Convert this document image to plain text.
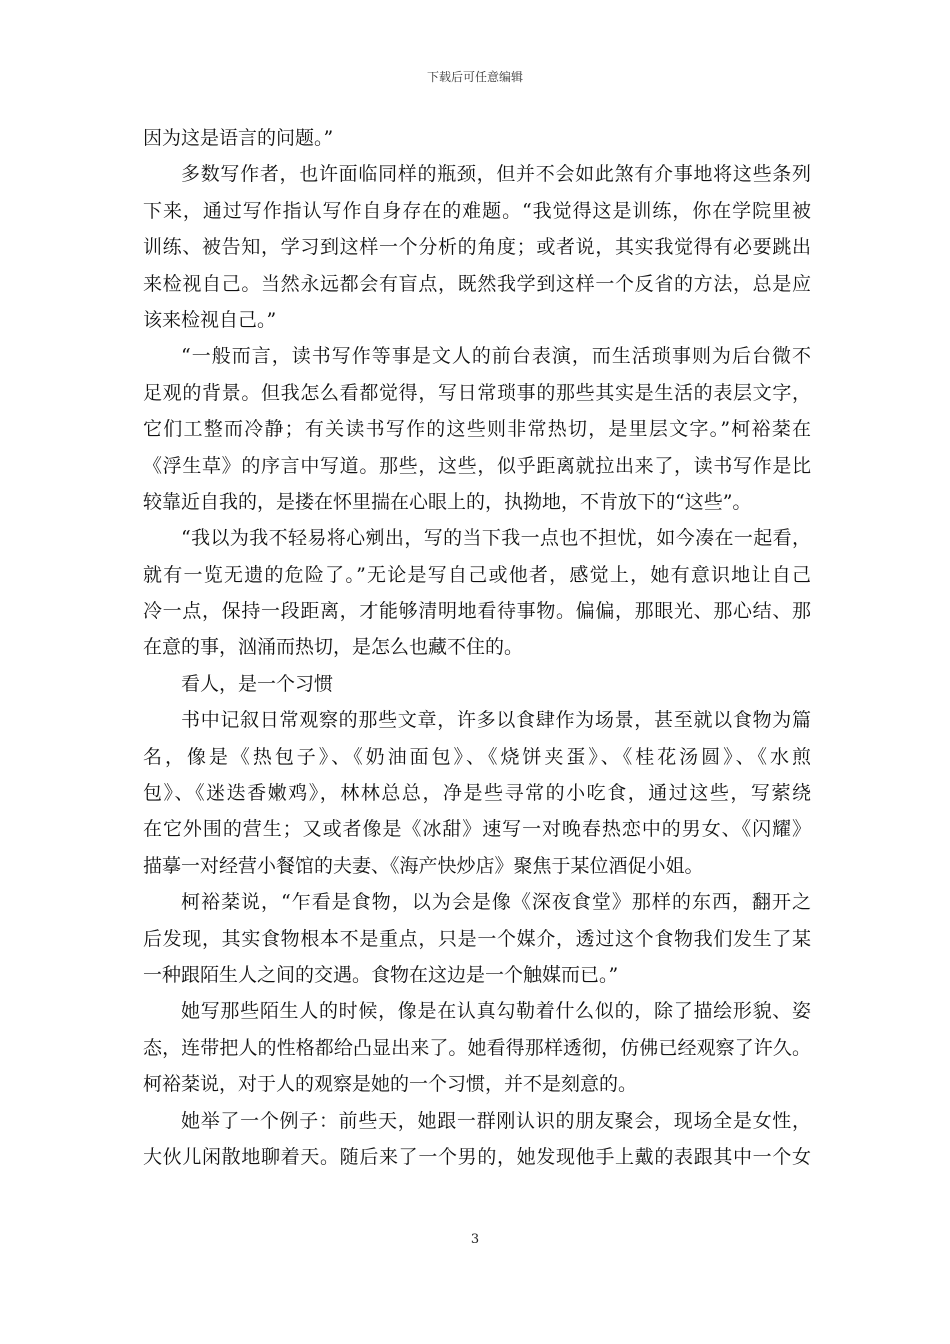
下载后可任意编辑
因为这是语言的问题。”
多数写作者，也许面临同样的瓶颈，但并不会如此煞有介事地将这些条列
下来，通过写作指认写作自身存在的难题。“我觉得这是训练，你在学院里被
训练、被告知，学习到这样一个分析的角度；或者说，其实我觉得有必要跳出
来检视自己。当然永远都会有盲点，既然我学到这样一个反省的方法，总是应
该来检视自己。”
“一般而言，读书写作等事是文人的前台表演，而生活琐事则为后台微不
足观的背景。但我怎么看都觉得，写日常琐事的那些其实是生活的表层文字，
它们工整而冷静；有关读书写作的这些则非常热切，是里层文字。”柯裕棻在
《浮生草》的序言中写道。那些，这些，似乎距离就拉出来了，读书写作是比
较靠近自我的，是搂在怀里揣在心眼上的，执拗地，不肯放下的“这些”。
“我以为我不轻易将心剜出，写的当下我一点也不担忧，如今凑在一起看，
就有一览无遗的危险了。”无论是写自己或他者，感觉上，她有意识地让自己
冷一点，保持一段距离，才能够清明地看待事物。偏偏，那眼光、那心结、那
在意的事，汹涌而热切，是怎么也藏不住的。
看人，是一个习惯
书中记叙日常观察的那些文章，许多以食肆作为场景，甚至就以食物为篇
名，像是《热包子》、《奶油面包》、《烧饼夹蛋》、《桂花汤圆》、《水煎
包》、《迷迭香嫩鸡》，林林总总，净是些寻常的小吃食，通过这些，写萦绕
在它外围的营生；又或者像是《冰甜》速写一对晚春热恋中的男女、《闪耀》
描摹一对经营小餐馆的夫妻、《海产快炒店》聚焦于某位酒促小姐。
柯裕棻说，“乍看是食物，以为会是像《深夜食堂》那样的东西，翻开之
后发现，其实食物根本不是重点，只是一个媒介，透过这个食物我们发生了某
一种跟陌生人之间的交遇。食物在这边是一个触媒而已。”
她写那些陌生人的时候，像是在认真勾勒着什么似的，除了描绘形貌、姿
态，连带把人的性格都给凸显出来了。她看得那样透彻，仿佛已经观察了许久。
柯裕棻说，对于人的观察是她的一个习惯，并不是刻意的。
她举了一个例子：前些天，她跟一群刚认识的朋友聚会，现场全是女性，
大伙儿闲散地聊着天。随后来了一个男的，她发现他手上戴的表跟其中一个女
3
